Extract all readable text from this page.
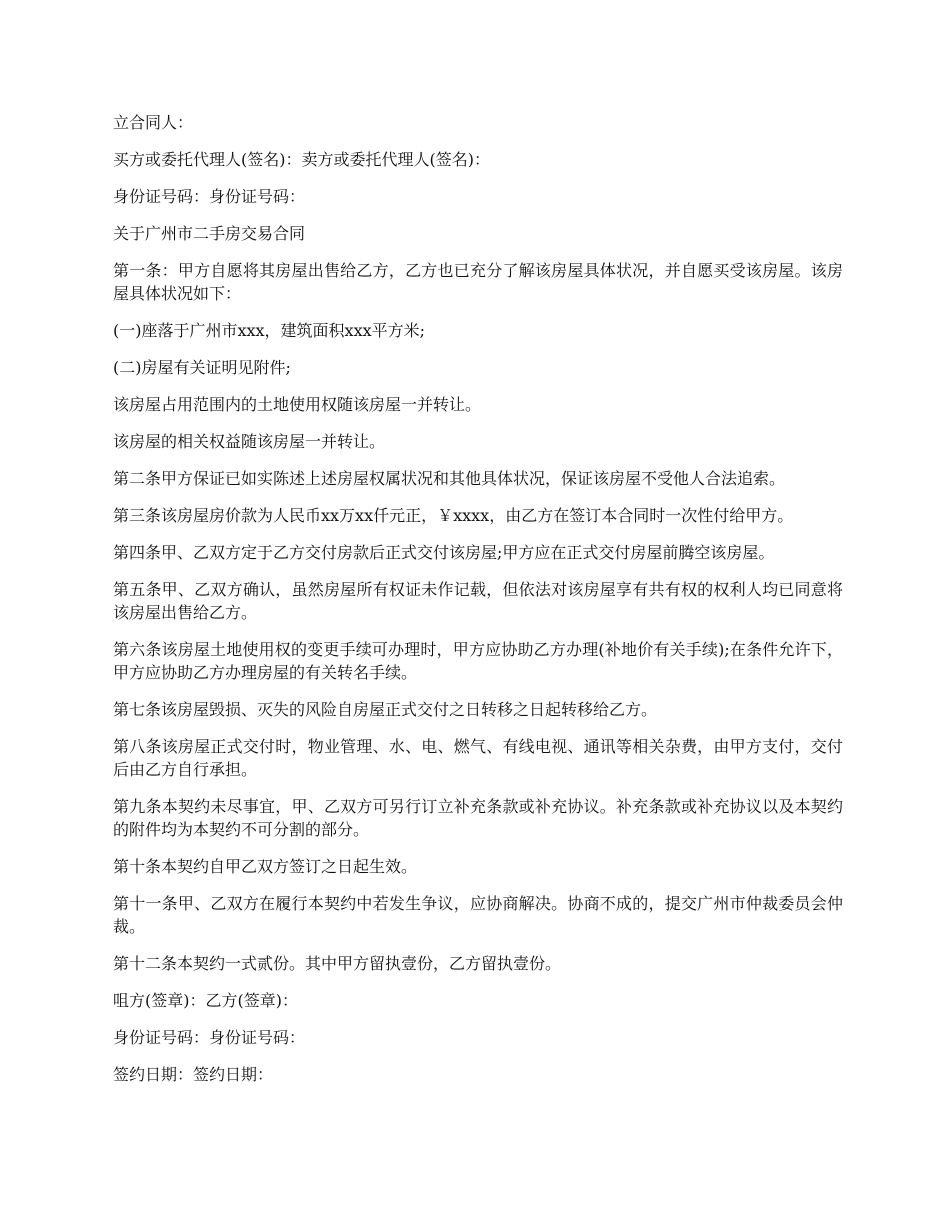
立合同人：

买方或委托代理人(签名)：卖方或委托代理人(签名)：

身份证号码：身份证号码：

关于广州市二手房交易合同

第一条：甲方自愿将其房屋出售给乙方，乙方也已充分了解该房屋具体状况，并自愿买受该房屋。该房屋具体状况如下：

(一)座落于广州市xxx，建筑面积xxx平方米;

(二)房屋有关证明见附件;

该房屋占用范围内的土地使用权随该房屋一并转让。

该房屋的相关权益随该房屋一并转让。

第二条甲方保证已如实陈述上述房屋权属状况和其他具体状况，保证该房屋不受他人合法追索。

第三条该房屋房价款为人民币xx万xx仟元正，￥xxxx，由乙方在签订本合同时一次性付给甲方。

第四条甲、乙双方定于乙方交付房款后正式交付该房屋;甲方应在正式交付房屋前腾空该房屋。

第五条甲、乙双方确认，虽然房屋所有权证未作记载，但依法对该房屋享有共有权的权利人均已同意将该房屋出售给乙方。

第六条该房屋土地使用权的变更手续可办理时，甲方应协助乙方办理(补地价有关手续);在条件允许下，甲方应协助乙方办理房屋的有关转名手续。

第七条该房屋毁损、灭失的风险自房屋正式交付之日转移之日起转移给乙方。

第八条该房屋正式交付时，物业管理、水、电、燃气、有线电视、通讯等相关杂费，由甲方支付，交付后由乙方自行承担。

第九条本契约未尽事宜，甲、乙双方可另行订立补充条款或补充协议。补充条款或补充协议以及本契约的附件均为本契约不可分割的部分。

第十条本契约自甲乙双方签订之日起生效。

第十一条甲、乙双方在履行本契约中若发生争议，应协商解决。协商不成的，提交广州市仲裁委员会仲裁。

第十二条本契约一式贰份。其中甲方留执壹份，乙方留执壹份。

咀方(签章)：乙方(签章)：

身份证号码：身份证号码：

签约日期：签约日期：
